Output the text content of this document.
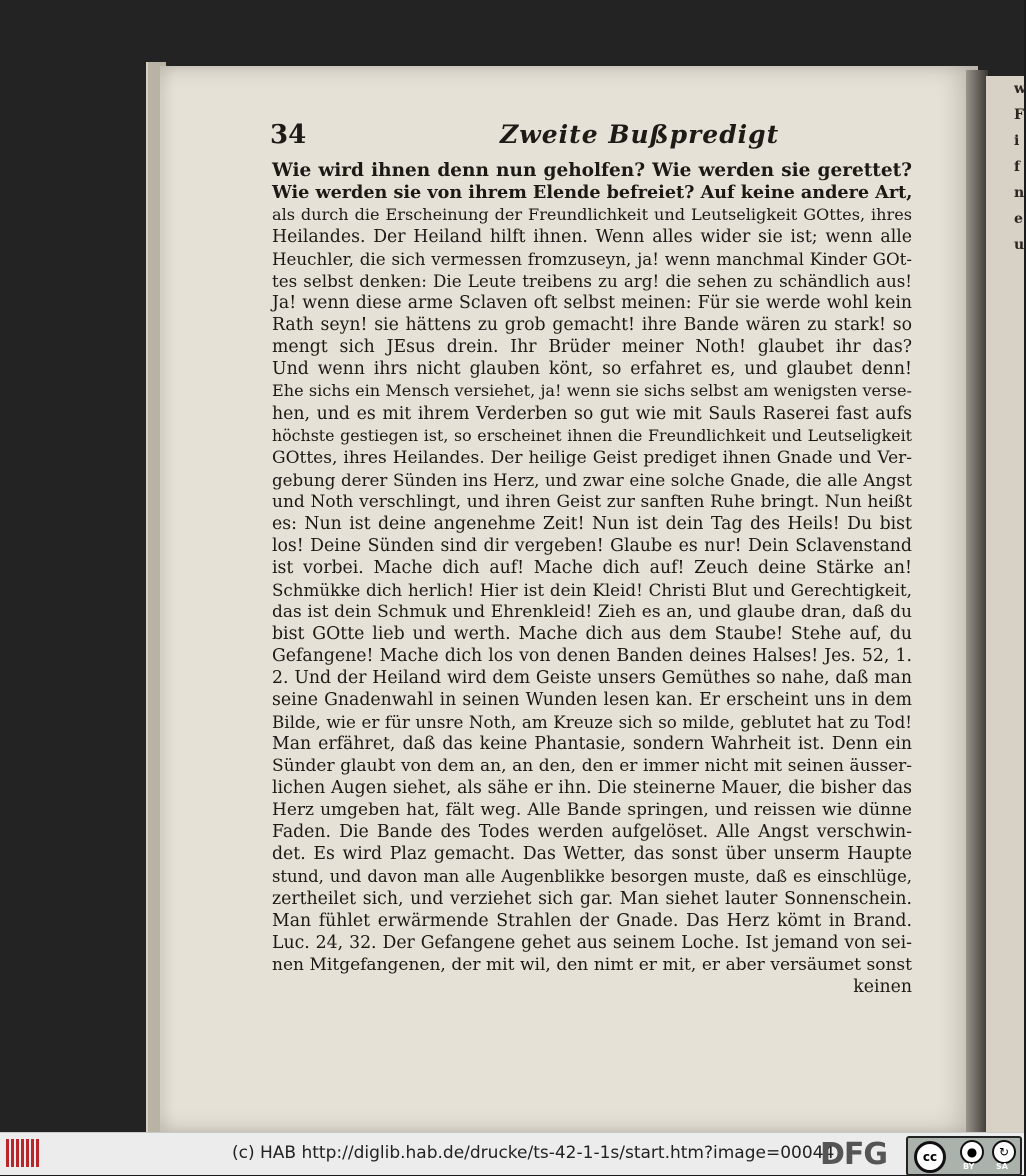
34	Zweite Bußpredigt
Wie wird ihnen denn nun geholfen? Wie werden sie gerettet?
Wie werden sie von ihrem Elende befreiet? Auf keine andere Art,
als durch die Erscheinung der Freundlichkeit und Leutseligkeit GOttes, ihres
Heilandes. Der Heiland hilft ihnen. Wenn alles wider sie ist; wenn alle
Heuchler, die sich vermessen fromzuseyn, ja! wenn manchmal Kinder GOt-
tes selbst denken: Die Leute treibens zu arg! die sehen zu schändlich aus!
Ja! wenn diese arme Sclaven oft selbst meinen: Für sie werde wohl kein
Rath seyn! sie hättens zu grob gemacht! ihre Bande wären zu stark! so
mengt sich JEsus drein. Ihr Brüder meiner Noth! glaubet ihr das?
Und wenn ihrs nicht glauben könt, so erfahret es, und glaubet denn!
Ehe sichs ein Mensch versiehet, ja! wenn sie sichs selbst am wenigsten verse-
hen, und es mit ihrem Verderben so gut wie mit Sauls Raserei fast aufs
höchste gestiegen ist, so erscheinet ihnen die Freundlichkeit und Leutseligkeit
GOttes, ihres Heilandes. Der heilige Geist prediget ihnen Gnade und Ver-
gebung derer Sünden ins Herz, und zwar eine solche Gnade, die alle Angst
und Noth verschlingt, und ihren Geist zur sanften Ruhe bringt. Nun heißt
es: Nun ist deine angenehme Zeit! Nun ist dein Tag des Heils! Du bist
los! Deine Sünden sind dir vergeben! Glaube es nur! Dein Sclavenstand
ist vorbei. Mache dich auf! Mache dich auf! Zeuch deine Stärke an!
Schmükke dich herlich! Hier ist dein Kleid! Christi Blut und Gerechtigkeit,
das ist dein Schmuk und Ehrenkleid! Zieh es an, und glaube dran, daß du
bist GOtte lieb und werth. Mache dich aus dem Staube! Stehe auf, du
Gefangene! Mache dich los von denen Banden deines Halses! Jes. 52, 1.
2. Und der Heiland wird dem Geiste unsers Gemüthes so nahe, daß man
seine Gnadenwahl in seinen Wunden lesen kan. Er erscheint uns in dem
Bilde, wie er für unsre Noth, am Kreuze sich so milde, geblutet hat zu Tod!
Man erfähret, daß das keine Phantasie, sondern Wahrheit ist. Denn ein
Sünder glaubt von dem an, an den, den er immer nicht mit seinen äusser-
lichen Augen siehet, als sähe er ihn. Die steinerne Mauer, die bisher das
Herz umgeben hat, fält weg. Alle Bande springen, und reissen wie dünne
Faden. Die Bande des Todes werden aufgelöset. Alle Angst verschwin-
det. Es wird Plaz gemacht. Das Wetter, das sonst über unserm Haupte
stund, und davon man alle Augenblikke besorgen muste, daß es einschlüge,
zertheilet sich, und verziehet sich gar. Man siehet lauter Sonnenschein.
Man fühlet erwärmende Strahlen der Gnade. Das Herz kömt in Brand.
Luc. 24, 32. Der Gefangene gehet aus seinem Loche. Ist jemand von sei-
nen Mitgefangenen, der mit wil, den nimt er mit, er aber versäumet sonst
keinen
w
F
i
f
n
e
u
(c) HAB http://diglib.hab.de/drucke/ts-42-1-1s/start.htm?image=00044
DFG	cc	●	↻
BY	SA
